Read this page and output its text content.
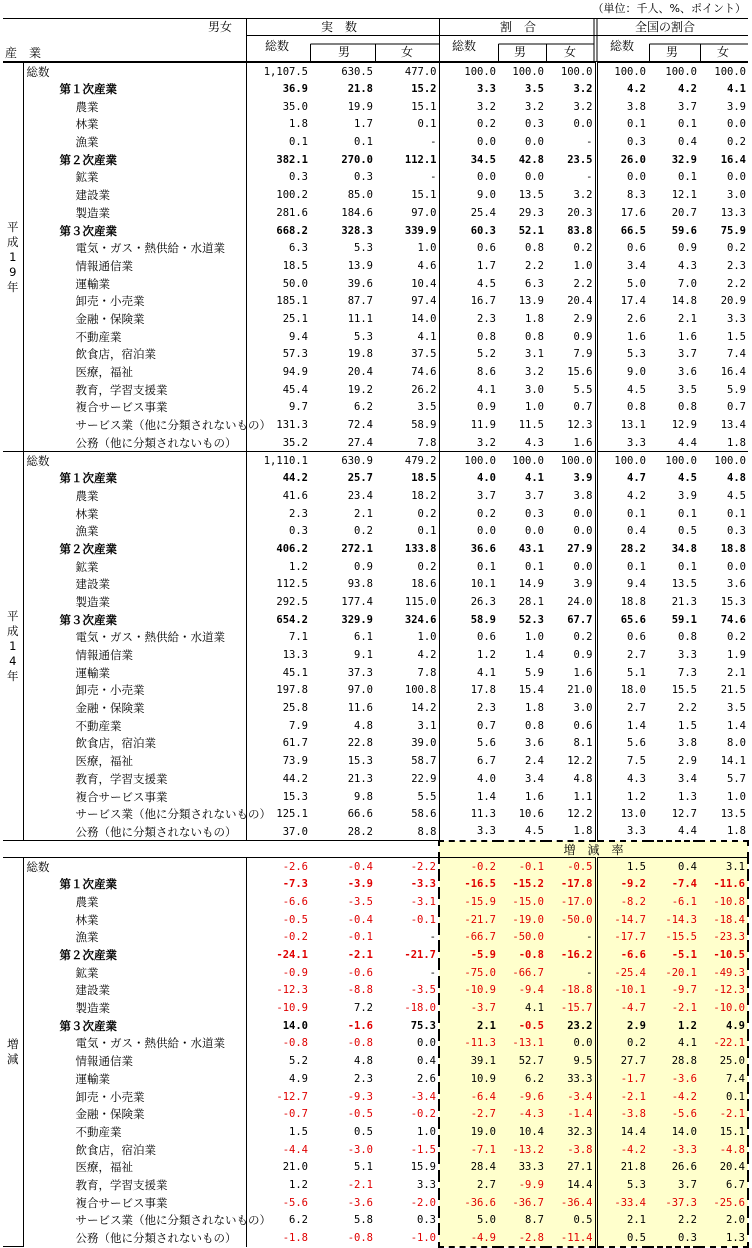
（単位：千人、%、ポイント）
男女
産　業
実　数	割　合	全国の割合
総数	男	女	総数	男	女	総数	男	女
平
成
1
9
年	総数	1,107.5	630.5	477.0	100.0	100.0	100.0	100.0	100.0	100.0
	第１次産業	36.9	21.8	15.2	3.3	3.5	3.2	4.2	4.2	4.1
	農業	35.0	19.9	15.1	3.2	3.2	3.2	3.8	3.7	3.9
	林業	1.8	1.7	0.1	0.2	0.3	0.0	0.1	0.1	0.0
	漁業	0.1	0.1	-	0.0	0.0	-	0.3	0.4	0.2
	第２次産業	382.1	270.0	112.1	34.5	42.8	23.5	26.0	32.9	16.4
	鉱業	0.3	0.3	-	0.0	0.0	-	0.0	0.1	0.0
	建設業	100.2	85.0	15.1	9.0	13.5	3.2	8.3	12.1	3.0
	製造業	281.6	184.6	97.0	25.4	29.3	20.3	17.6	20.7	13.3
	第３次産業	668.2	328.3	339.9	60.3	52.1	83.8	66.5	59.6	75.9
	電気・ガス・熱供給・水道業	6.3	5.3	1.0	0.6	0.8	0.2	0.6	0.9	0.2
	情報通信業	18.5	13.9	4.6	1.7	2.2	1.0	3.4	4.3	2.3
	運輸業	50.0	39.6	10.4	4.5	6.3	2.2	5.0	7.0	2.2
	卸売・小売業	185.1	87.7	97.4	16.7	13.9	20.4	17.4	14.8	20.9
	金融・保険業	25.1	11.1	14.0	2.3	1.8	2.9	2.6	2.1	3.3
	不動産業	9.4	5.3	4.1	0.8	0.8	0.9	1.6	1.6	1.5
	飲食店，宿泊業	57.3	19.8	37.5	5.2	3.1	7.9	5.3	3.7	7.4
	医療，福祉	94.9	20.4	74.6	8.6	3.2	15.6	9.0	3.6	16.4
	教育，学習支援業	45.4	19.2	26.2	4.1	3.0	5.5	4.5	3.5	5.9
	複合サービス事業	9.7	6.2	3.5	0.9	1.0	0.7	0.8	0.8	0.7
	サービス業（他に分類されないもの）	131.3	72.4	58.9	11.9	11.5	12.3	13.1	12.9	13.4
	公務（他に分類されないもの）	35.2	27.4	7.8	3.2	4.3	1.6	3.3	4.4	1.8

平
成
1
4
年	総数	1,110.1	630.9	479.2	100.0	100.0	100.0	100.0	100.0	100.0
	第１次産業	44.2	25.7	18.5	4.0	4.1	3.9	4.7	4.5	4.8
	農業	41.6	23.4	18.2	3.7	3.7	3.8	4.2	3.9	4.5
	林業	2.3	2.1	0.2	0.2	0.3	0.0	0.1	0.1	0.1
	漁業	0.3	0.2	0.1	0.0	0.0	0.0	0.4	0.5	0.3
	第２次産業	406.2	272.1	133.8	36.6	43.1	27.9	28.2	34.8	18.8
	鉱業	1.2	0.9	0.2	0.1	0.1	0.0	0.1	0.1	0.0
	建設業	112.5	93.8	18.6	10.1	14.9	3.9	9.4	13.5	3.6
	製造業	292.5	177.4	115.0	26.3	28.1	24.0	18.8	21.3	15.3
	第３次産業	654.2	329.9	324.6	58.9	52.3	67.7	65.6	59.1	74.6
	電気・ガス・熱供給・水道業	7.1	6.1	1.0	0.6	1.0	0.2	0.6	0.8	0.2
	情報通信業	13.3	9.1	4.2	1.2	1.4	0.9	2.7	3.3	1.9
	運輸業	45.1	37.3	7.8	4.1	5.9	1.6	5.1	7.3	2.1
	卸売・小売業	197.8	97.0	100.8	17.8	15.4	21.0	18.0	15.5	21.5
	金融・保険業	25.8	11.6	14.2	2.3	1.8	3.0	2.7	2.2	3.5
	不動産業	7.9	4.8	3.1	0.7	0.8	0.6	1.4	1.5	1.4
	飲食店，宿泊業	61.7	22.8	39.0	5.6	3.6	8.1	5.6	3.8	8.0
	医療，福祉	73.9	15.3	58.7	6.7	2.4	12.2	7.5	2.9	14.1
	教育，学習支援業	44.2	21.3	22.9	4.0	3.4	4.8	4.3	3.4	5.7
	複合サービス事業	15.3	9.8	5.5	1.4	1.6	1.1	1.2	1.3	1.0
	サービス業（他に分類されないもの）	125.1	66.6	58.6	11.3	10.6	12.2	13.0	12.7	13.5
	公務（他に分類されないもの）	37.0	28.2	8.8	3.3	4.5	1.8	3.3	4.4	1.8
					増　減　率					

増
減	総数	-2.6	-0.4	-2.2	-0.2	-0.1	-0.5	1.5	0.4	3.1
	第１次産業	-7.3	-3.9	-3.3	-16.5	-15.2	-17.8	-9.2	-7.4	-11.6
	農業	-6.6	-3.5	-3.1	-15.9	-15.0	-17.0	-8.2	-6.1	-10.8
	林業	-0.5	-0.4	-0.1	-21.7	-19.0	-50.0	-14.7	-14.3	-18.4
	漁業	-0.2	-0.1	-	-66.7	-50.0	-	-17.7	-15.5	-23.3
	第２次産業	-24.1	-2.1	-21.7	-5.9	-0.8	-16.2	-6.6	-5.1	-10.5
	鉱業	-0.9	-0.6	-	-75.0	-66.7	-	-25.4	-20.1	-49.3
	建設業	-12.3	-8.8	-3.5	-10.9	-9.4	-18.8	-10.1	-9.7	-12.3
	製造業	-10.9	7.2	-18.0	-3.7	4.1	-15.7	-4.7	-2.1	-10.0
	第３次産業	14.0	-1.6	75.3	2.1	-0.5	23.2	2.9	1.2	4.9
	電気・ガス・熱供給・水道業	-0.8	-0.8	0.0	-11.3	-13.1	0.0	0.2	4.1	-22.1
	情報通信業	5.2	4.8	0.4	39.1	52.7	9.5	27.7	28.8	25.0
	運輸業	4.9	2.3	2.6	10.9	6.2	33.3	-1.7	-3.6	7.4
	卸売・小売業	-12.7	-9.3	-3.4	-6.4	-9.6	-3.4	-2.1	-4.2	0.1
	金融・保険業	-0.7	-0.5	-0.2	-2.7	-4.3	-1.4	-3.8	-5.6	-2.1
	不動産業	1.5	0.5	1.0	19.0	10.4	32.3	14.4	14.0	15.1
	飲食店，宿泊業	-4.4	-3.0	-1.5	-7.1	-13.2	-3.8	-4.2	-3.3	-4.8
	医療，福祉	21.0	5.1	15.9	28.4	33.3	27.1	21.8	26.6	20.4
	教育，学習支援業	1.2	-2.1	3.3	2.7	-9.9	14.4	5.3	3.7	6.7
	複合サービス事業	-5.6	-3.6	-2.0	-36.6	-36.7	-36.4	-33.4	-37.3	-25.6
	サービス業（他に分類されないもの）	6.2	5.8	0.3	5.0	8.7	0.5	2.1	2.2	2.0
	公務（他に分類されないもの）	-1.8	-0.8	-1.0	-4.9	-2.8	-11.4	0.5	0.3	1.3
